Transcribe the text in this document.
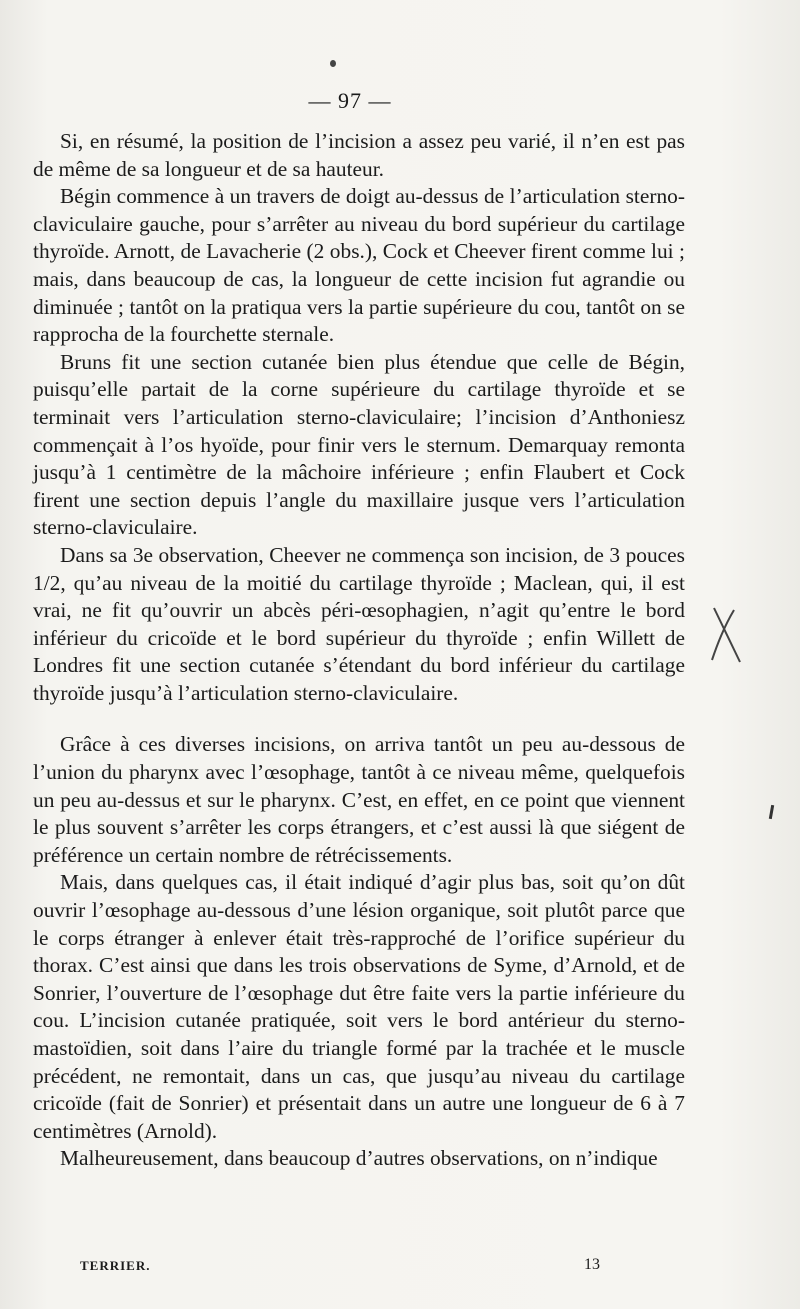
— 97 —

Si, en résumé, la position de l’incision a assez peu varié, il n’en est pas de même de sa longueur et de sa hauteur.

Bégin commence à un travers de doigt au-dessus de l’articulation sterno-claviculaire gauche, pour s’arrêter au niveau du bord supérieur du cartilage thyroïde. Arnott, de Lavacherie (2 obs.), Cock et Cheever firent comme lui ; mais, dans beaucoup de cas, la longueur de cette incision fut agrandie ou diminuée ; tantôt on la pratiqua vers la partie supérieure du cou, tantôt on se rapprocha de la fourchette sternale.

Bruns fit une section cutanée bien plus étendue que celle de Bégin, puisqu’elle partait de la corne supérieure du cartilage thyroïde et se terminait vers l’articulation sterno-claviculaire; l’incision d’Anthoniesz commençait à l’os hyoïde, pour finir vers le sternum. Demarquay remonta jusqu’à 1 centimètre de la mâchoire inférieure ; enfin Flaubert et Cock firent une section depuis l’angle du maxillaire jusque vers l’articulation sterno-claviculaire.

Dans sa 3e observation, Cheever ne commença son incision, de 3 pouces 1/2, qu’au niveau de la moitié du cartilage thyroïde ; Maclean, qui, il est vrai, ne fit qu’ouvrir un abcès péri-œsophagien, n’agit qu’entre le bord inférieur du cricoïde et le bord supérieur du thyroïde ; enfin Willett de Londres fit une section cutanée s’étendant du bord inférieur du cartilage thyroïde jusqu’à l’articulation sterno-claviculaire.

Grâce à ces diverses incisions, on arriva tantôt un peu au-dessous de l’union du pharynx avec l’œsophage, tantôt à ce niveau même, quelquefois un peu au-dessus et sur le pharynx. C’est, en effet, en ce point que viennent le plus souvent s’arrêter les corps étrangers, et c’est aussi là que siégent de préférence un certain nombre de rétrécissements.

Mais, dans quelques cas, il était indiqué d’agir plus bas, soit qu’on dût ouvrir l’œsophage au-dessous d’une lésion organique, soit plutôt parce que le corps étranger à enlever était très-rapproché de l’orifice supérieur du thorax. C’est ainsi que dans les trois observations de Syme, d’Arnold, et de Sonrier, l’ouverture de l’œsophage dut être faite vers la partie inférieure du cou. L’incision cutanée pratiquée, soit vers le bord antérieur du sterno-mastoïdien, soit dans l’aire du triangle formé par la trachée et le muscle précédent, ne remontait, dans un cas, que jusqu’au niveau du cartilage cricoïde (fait de Sonrier) et présentait dans un autre une longueur de 6 à 7 centimètres (Arnold).

Malheureusement, dans beaucoup d’autres observations, on n’indique

TERRIER.	13
